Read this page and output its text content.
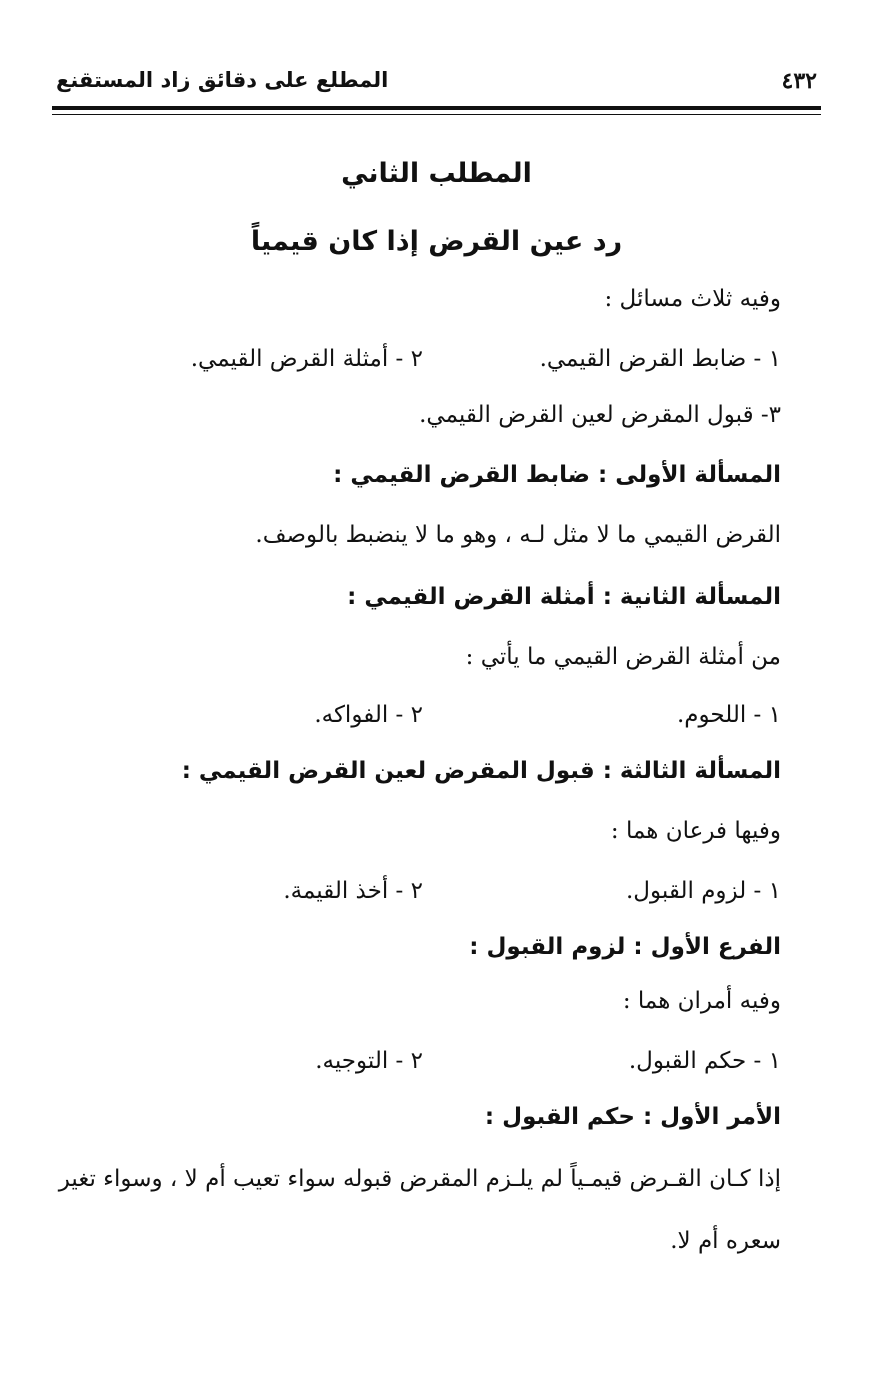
٤٣٢
المطلع على دقائق زاد المستقنع
المطلب الثاني
رد عين القرض إذا كان قيمياً
وفيه ثلاث مسائل :
١ - ضابط القرض القيمي.
٢ - أمثلة القرض القيمي.
٣- قبول المقرض لعين القرض القيمي.
المسألة الأولى : ضابط القرض القيمي :
القرض القيمي ما لا مثل لـه ، وهو ما لا ينضبط بالوصف.
المسألة الثانية : أمثلة القرض القيمي :
من أمثلة القرض القيمي ما يأتي :
١ - اللحوم.
٢ - الفواكه.
المسألة الثالثة : قبول المقرض لعين القرض القيمي :
وفيها فرعان هما :
١ - لزوم القبول.
٢ - أخذ القيمة.
الفرع الأول : لزوم القبول :
وفيه أمران هما :
١ - حكم القبول.
٢ - التوجيه.
الأمر الأول : حكم القبول :
إذا كـان القـرض قيمـياً لم يلـزم المقرض قبوله سواء تعيب أم لا ، وسواء تغير
سعره أم لا.
